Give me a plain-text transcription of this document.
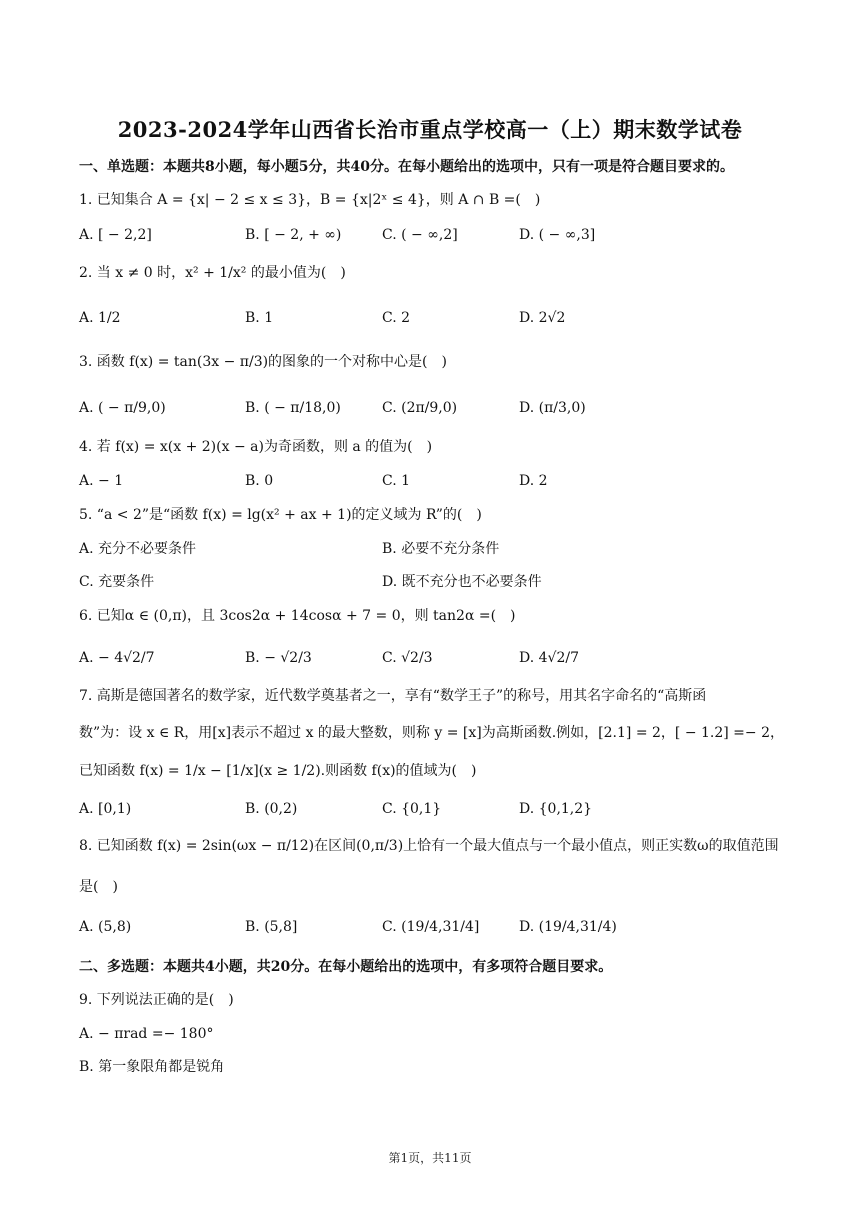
2023-2024学年山西省长治市重点学校高一（上）期末数学试卷
一、单选题：本题共8小题，每小题5分，共40分。在每小题给出的选项中，只有一项是符合题目要求的。
1. 已知集合 A = {x| − 2 ≤ x ≤ 3}，B = {x|2ˣ ≤ 4}，则 A ∩ B =(　)
A. [ − 2,2]	B. [ − 2, + ∞)	C. ( − ∞,2]	D. ( − ∞,3]
2. 当 x ≠ 0 时，x² + 1/x² 的最小值为(　)
A. 1/2	B. 1	C. 2	D. 2√2
3. 函数 f(x) = tan(3x − π/3)的图象的一个对称中心是(　)
A. ( − π/9,0)	B. ( − π/18,0)	C. (2π/9,0)	D. (π/3,0)
4. 若 f(x) = x(x + 2)(x − a)为奇函数，则 a 的值为(　)
A. − 1	B. 0	C. 1	D. 2
5. “a < 2”是“函数 f(x) = lg(x² + ax + 1)的定义域为 R”的(　)
A. 充分不必要条件	B. 必要不充分条件
C. 充要条件	D. 既不充分也不必要条件
6. 已知α ∈ (0,π)，且 3cos2α + 14cosα + 7 = 0，则 tan2α =(　)
A. − 4√2/7	B. − √2/3	C. √2/3	D. 4√2/7
7. 高斯是德国著名的数学家，近代数学奠基者之一，享有“数学王子”的称号，用其名字命名的“高斯函
数”为：设 x ∈ R，用[x]表示不超过 x 的最大整数，则称 y = [x]为高斯函数.例如，[2.1] = 2，[ − 1.2] =− 2，
已知函数 f(x) = 1/x − [1/x](x ≥ 1/2).则函数 f(x)的值域为(　)
A. [0,1)	B. (0,2)	C. {0,1}	D. {0,1,2}
8. 已知函数 f(x) = 2sin(ωx − π/12)在区间(0,π/3)上恰有一个最大值点与一个最小值点，则正实数ω的取值范围
是(　)
A. (5,8)	B. (5,8]	C. (19/4,31/4]	D. (19/4,31/4)
二、多选题：本题共4小题，共20分。在每小题给出的选项中，有多项符合题目要求。
9. 下列说法正确的是(　)
A. − πrad =− 180°
B. 第一象限角都是锐角
第1页，共11页
